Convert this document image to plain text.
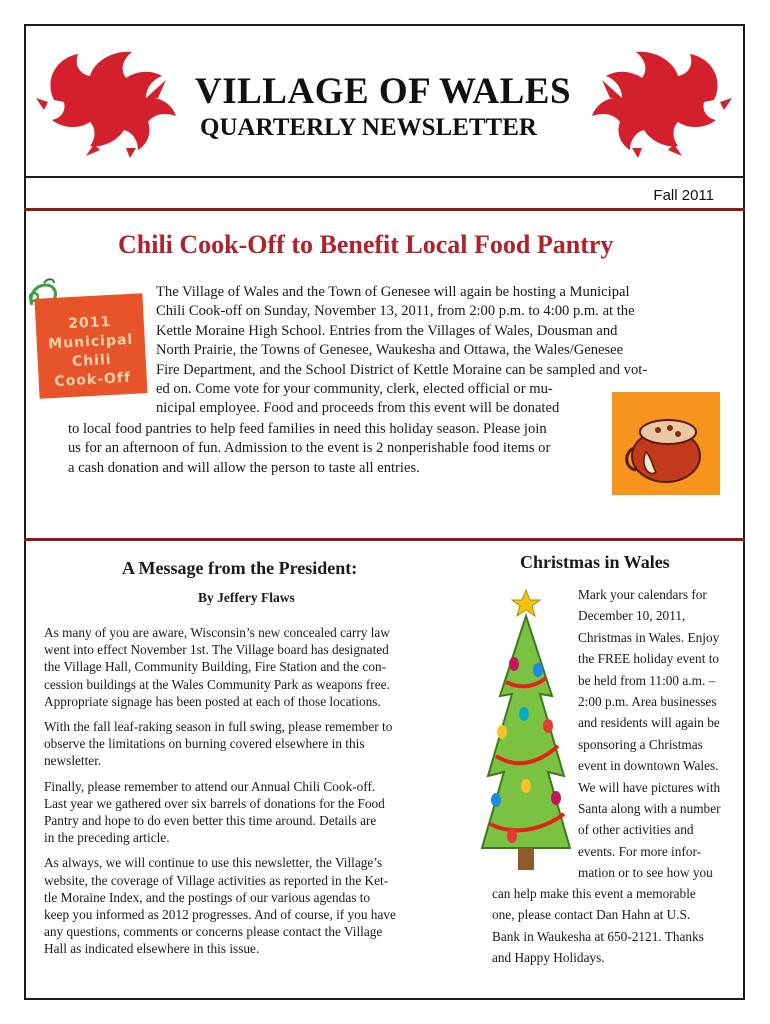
VILLAGE OF WALES
QUARTERLY NEWSLETTER
Fall 2011
Chili Cook-Off to Benefit Local Food Pantry
2011
Municipal
Chili
Cook-Off
The Village of Wales and the Town of Genesee will again be hosting a Municipal
Chili Cook-off on Sunday, November 13, 2011, from 2:00 p.m. to 4:00 p.m. at the
Kettle Moraine High School. Entries from the Villages of Wales, Dousman and
North Prairie, the Towns of Genesee, Waukesha and Ottawa, the Wales/Genesee
Fire Department, and the School District of Kettle Moraine can be sampled and vot-
ed on. Come vote for your community, clerk, elected official or mu-
nicipal employee. Food and proceeds from this event will be donated
to local food pantries to help feed families in need this holiday season. Please join
us for an afternoon of fun. Admission to the event is 2 nonperishable food items or
a cash donation and will allow the person to taste all entries.
A Message from the President:
By Jeffery Flaws

As many of you are aware, Wisconsin’s new concealed carry law
went into effect November 1st. The Village board has designated
the Village Hall, Community Building, Fire Station and the con-
cession buildings at the Wales Community Park as weapons free.
Appropriate signage has been posted at each of those locations.

With the fall leaf-raking season in full swing, please remember to
observe the limitations on burning covered elsewhere in this
newsletter.

Finally, please remember to attend our Annual Chili Cook-off.
Last year we gathered over six barrels of donations for the Food
Pantry and hope to do even better this time around. Details are
in the preceding article.

As always, we will continue to use this newsletter, the Village’s
website, the coverage of Village activities as reported in the Ket-
tle Moraine Index, and the postings of our various agendas to
keep you informed as 2012 progresses. And of course, if you have
any questions, comments or concerns please contact the Village
Hall as indicated elsewhere in this issue.

Christmas in Wales
Mark your calendars for
December 10, 2011,
Christmas in Wales. Enjoy
the FREE holiday event to
be held from 11:00 a.m. –
2:00 p.m. Area businesses
and residents will again be
sponsoring a Christmas
event in downtown Wales.
We will have pictures with
Santa along with a number
of other activities and
events. For more infor-
mation or to see how you
can help make this event a memorable
one, please contact Dan Hahn at U.S.
Bank in Waukesha at 650-2121. Thanks
and Happy Holidays.
